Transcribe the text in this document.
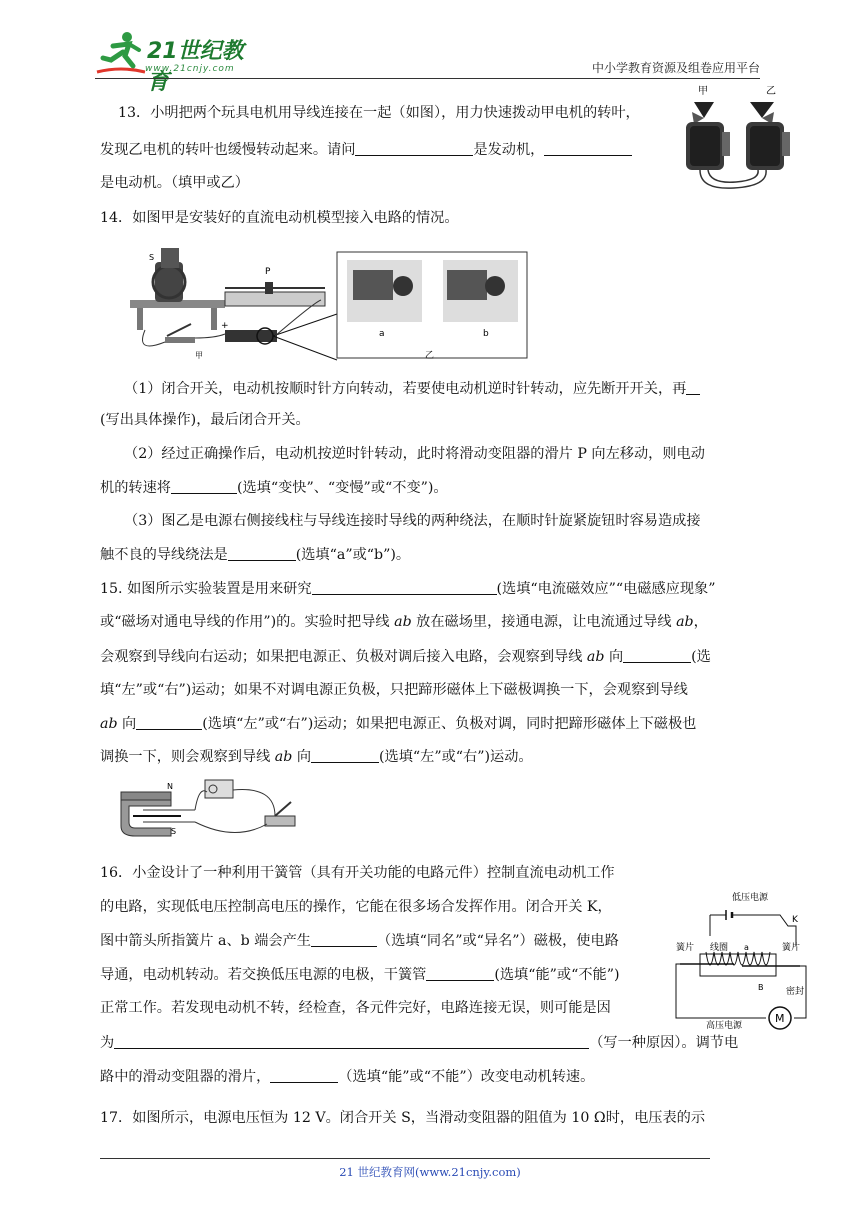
21世纪教育
www.21cnjy.com	中小学教育资源及组卷应用平台
13．小明把两个玩具电机用导线连接在一起（如图），用力快速拨动甲电机的转叶，
发现乙电机的转叶也缓慢转动起来。请问	是发动机，
是电动机。（填甲或乙）
甲	乙
14．如图甲是安装好的直流电动机模型接入电路的情况。
S
P
+
甲
a	b
乙
（1）闭合开关，电动机按顺时针方向转动，若要使电动机逆时针转动，应先断开开关，再
(写出具体操作)，最后闭合开关。
（2）经过正确操作后，电动机按逆时针转动，此时将滑动变阻器的滑片 P 向左移动，则电动
机的转速将	(选填“变快”、“变慢”或“不变”)。
（3）图乙是电源右侧接线柱与导线连接时导线的两种绕法，在顺时针旋紧旋钮时容易造成接
触不良的导线绕法是	(选填“a”或“b”)。
15. 如图所示实验装置是用来研究	(选填“电流磁效应”“电磁感应现象”
或“磁场对通电导线的作用”)的。实验时把导线 ab 放在磁场里，接通电源，让电流通过导线 ab，
会观察到导线向右运动；如果把电源正、负极对调后接入电路，会观察到导线 ab 向	(选
填“左”或“右”)运动；如果不对调电源正负极，只把蹄形磁体上下磁极调换一下，会观察到导线
ab 向	(选填“左”或“右”)运动；如果把电源正、负极对调，同时把蹄形磁体上下磁极也
调换一下，则会观察到导线 ab 向	(选填“左”或“右”)运动。
N
S
16．小金设计了一种利用干簧管（具有开关功能的电路元件）控制直流电动机工作
的电路，实现低电压控制高电压的操作，它能在很多场合发挥作用。闭合开关 K，
图中箭头所指簧片 a、b 端会产生	（选填“同名”或“异名”）磁极，使电路
导通，电动机转动。若交换低压电源的电极，干簧管	(选填“能”或“不能”)
正常工作。若发现电动机不转，经检查，各元件完好，电路连接无误，则可能是因
为	（写一种原因）。调节电
路中的滑动变阻器的滑片，	（选填“能”或“不能”）改变电动机转速。
低压电源
K
簧片 线圈 a	簧片
B	密封
高压电源
M
17．如图所示，电源电压恒为 12 V。闭合开关 S，当滑动变阻器的阻值为 10 Ω时，电压表的示
21 世纪教育网(www.21cnjy.com)
